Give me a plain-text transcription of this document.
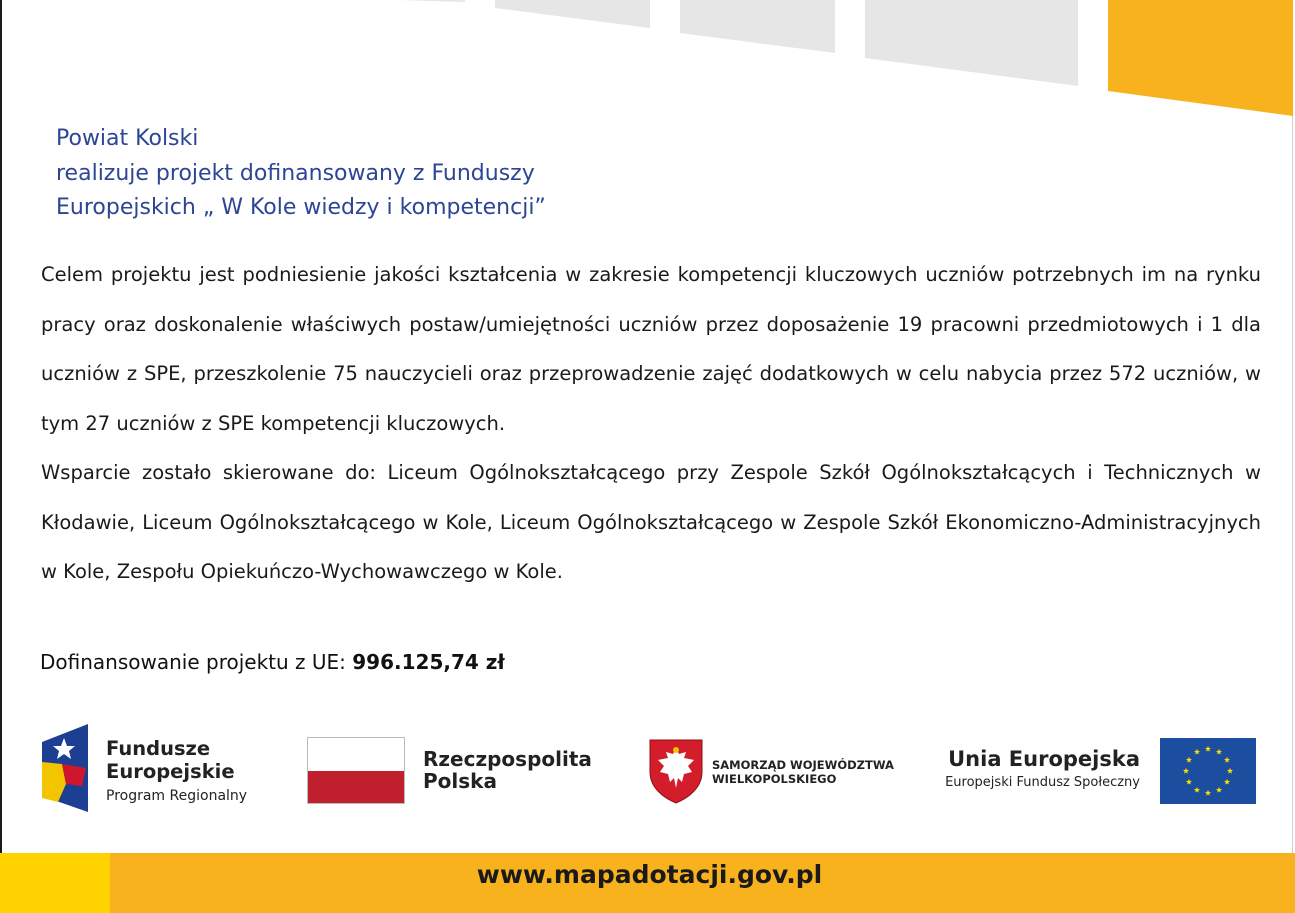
Powiat Kolski
realizuje projekt dofinansowany z Funduszy
Europejskich „ W Kole wiedzy i kompetencji”

Celem projektu jest podniesienie jakości kształcenia w zakresie kompetencji kluczowych uczniów potrzebnych im na rynku pracy oraz doskonalenie właściwych postaw/umiejętności uczniów przez doposażenie 19 pracowni przedmiotowych i 1 dla uczniów z SPE, przeszkolenie 75 nauczycieli oraz przeprowadzenie zajęć dodatkowych w celu nabycia przez 572 uczniów, w tym 27 uczniów z SPE kompetencji kluczowych.

Wsparcie zostało skierowane do: Liceum Ogólnokształcącego przy Zespole Szkół Ogólnokształcących i Technicznych w Kłodawie, Liceum Ogólnokształcącego w Kole, Liceum Ogólnokształcącego w Zespole Szkół Ekonomiczno-Administracyjnych w Kole, Zespołu Opiekuńczo-Wychowawczego w Kole.

Dofinansowanie projektu z UE: 996.125,74 zł
Fundusze
Europejskie
Program Regionalny
Rzeczpospolita
Polska
SAMORZĄD WOJEWÓDZTWA
WIELKOPOLSKIEGO
Unia Europejska
Europejski Fundusz Społeczny
www.mapadotacji.gov.pl
